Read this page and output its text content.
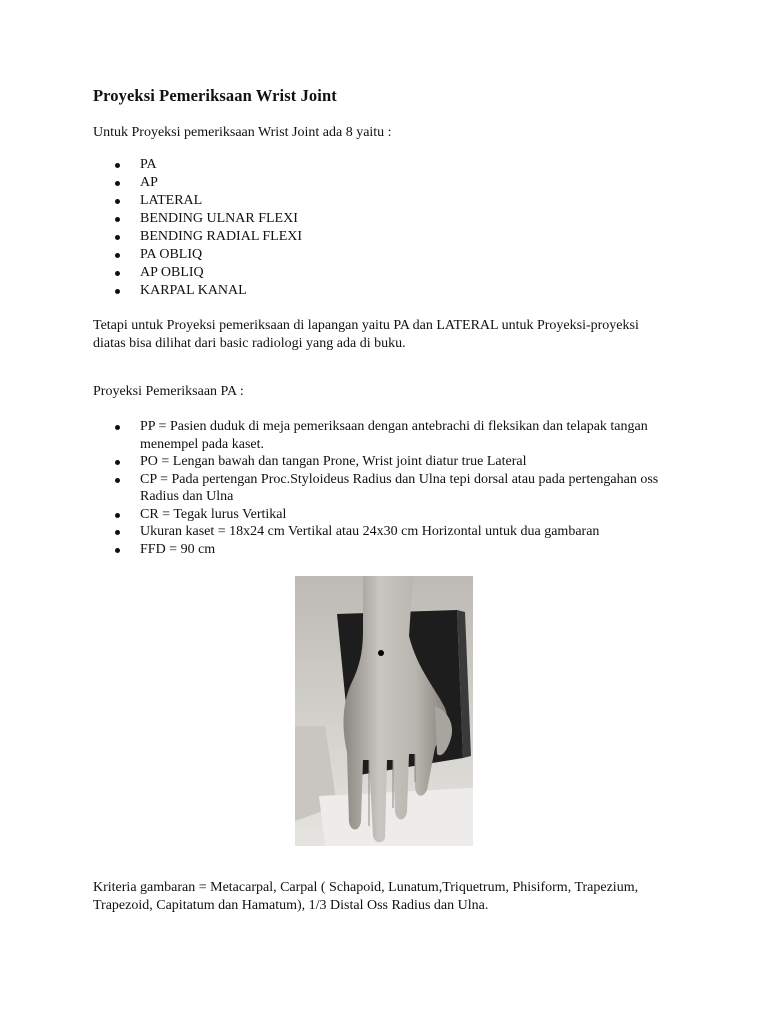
Proyeksi Pemeriksaan Wrist Joint

Untuk Proyeksi pemeriksaan Wrist Joint ada 8 yaitu :

PA
AP
LATERAL
BENDING ULNAR FLEXI
BENDING RADIAL FLEXI
PA OBLIQ
AP OBLIQ
KARPAL KANAL

Tetapi untuk Proyeksi pemeriksaan di lapangan yaitu PA dan LATERAL untuk Proyeksi-proyeksi diatas bisa dilihat dari basic radiologi yang ada di buku.

Proyeksi Pemeriksaan PA :

PP = Pasien duduk di meja pemeriksaan dengan antebrachi di fleksikan dan telapak tangan menempel pada kaset.
PO = Lengan bawah dan tangan Prone, Wrist joint diatur true Lateral
CP = Pada pertengan Proc.Styloideus Radius dan Ulna tepi dorsal atau pada pertengahan oss Radius dan Ulna
CR = Tegak lurus Vertikal
Ukuran kaset = 18x24 cm Vertikal atau 24x30 cm Horizontal untuk dua gambaran
FFD = 90 cm

Kriteria gambaran = Metacarpal, Carpal ( Schapoid, Lunatum,Triquetrum, Phisiform, Trapezium, Trapezoid, Capitatum dan Hamatum), 1/3 Distal Oss Radius dan Ulna.
